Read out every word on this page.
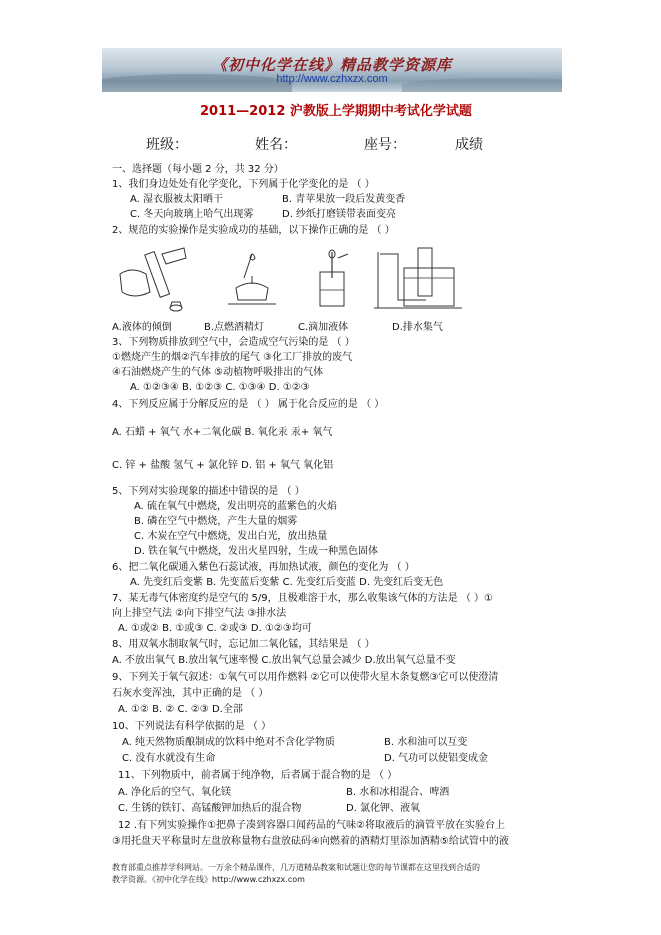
《初中化学在线》精品教学资源库
http://www.czhxzx.com
2011—2012 沪教版上学期期中考试化学试题
班级：	姓名：	座号：	成绩
一、选择题（每小题 2 分，共 32 分）
1、我们身边处处有化学变化，下列属于化学变化的是 （ ）
A. 湿衣服被太阳晒干	B. 青苹果放一段后发黄变香
C. 冬天向玻璃上哈气出现雾	D. 纱纸打磨镁带表面变亮
2、规范的实验操作是实验成功的基础，以下操作正确的是 （ ）
A.液体的倾倒	B.点燃酒精灯	C.滴加液体	D.排水集气
3、下列物质排放到空气中，会造成空气污染的是 （ ）
①燃烧产生的烟②汽车排放的尾气 ③化工厂排放的废气
④石油燃烧产生的气体 ⑤动植物呼吸排出的气体
A. ①②③④ B. ①②③ C. ①③④ D. ①②③
4、下列反应属于分解反应的是 （ ） 属于化合反应的是 （ ）
A. 石蜡 + 氧气 水+二氧化碳 B. 氧化汞 汞+ 氧气
C. 锌 + 盐酸 氢气 + 氯化锌 D. 铝 + 氧气 氧化铝
5、下列对实验现象的描述中错误的是 （ ）
A. 硫在氧气中燃烧，发出明亮的蓝紫色的火焰
B. 磷在空气中燃烧，产生大量的烟雾
C. 木炭在空气中燃烧，发出白光，放出热量
D. 铁在氧气中燃烧，发出火星四射，生成一种黑色固体
6、把二氧化碳通入紫色石蕊试液，再加热试液，颜色的变化为 （ ）
A. 先变红后变紫 B. 先变蓝后变紫 C. 先变红后变蓝 D. 先变红后变无色
7、某无毒气体密度约是空气的 5/9，且极难溶于水，那么收集该气体的方法是 （ ）①
向上排空气法 ②向下排空气法 ③排水法
A. ①或② B. ①或③ C. ②或③ D. ①②③均可
8、用双氧水制取氧气时，忘记加二氧化锰，其结果是 （ ）
A. 不放出氧气 B.放出氧气速率慢 C.放出氧气总量会减少 D.放出氧气总量不变
9、下列关于氧气叙述：①氧气可以用作燃料 ②它可以使带火星木条复燃③它可以使澄清
石灰水变浑浊，其中正确的是 （ ）
A. ①② B. ② C. ②③ D.全部
10、下列说法有科学依据的是 （ ）
A. 纯天然物质酿制成的饮料中绝对不含化学物质	B. 水和油可以互变
C. 没有水就没有生命	D. 气功可以使铝变成金
11、下列物质中，前者属于纯净物，后者属于混合物的是 （ ）
A. 净化后的空气、氧化镁	B. 水和冰相混合、啤酒
C. 生锈的铁钉、高锰酸钾加热后的混合物	D. 氯化钾、液氧
12 .有下列实验操作①把鼻子凑到容器口闻药品的气味②将取液后的滴管平放在实验台上
③用托盘天平称量时左盘放称量物右盘放砝码④向燃着的酒精灯里添加酒精⑤给试管中的液
教育部重点推荐学科网站。一万余个精品课件，几万道精品教案和试题让您的每节课都在这里找到合适的
教学资源。《初中化学在线》http://www.czhxzx.com
